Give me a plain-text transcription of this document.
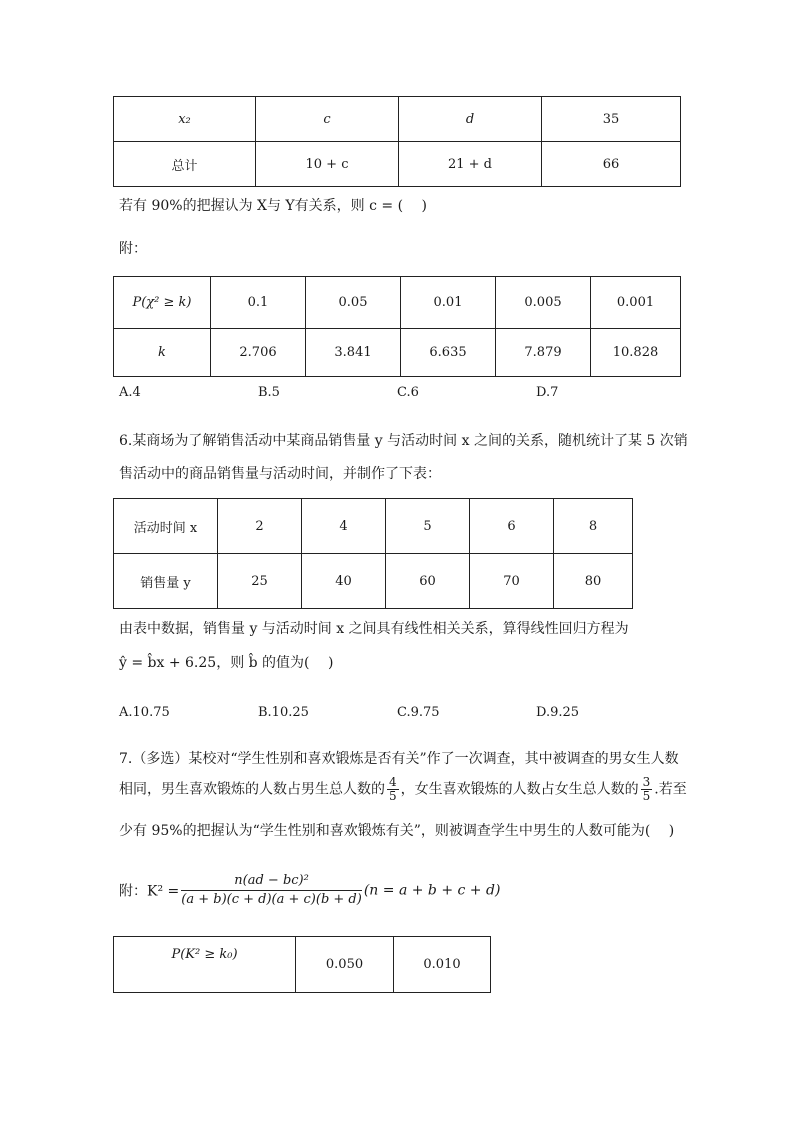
x₂	c	d	35
总计	10 + c	21 + d	66
若有 90%的把握认为 X与 Y有关系，则 c = (　 )
附：
P(χ² ≥ k)	0.1	0.05	0.01	0.005	0.001
k	2.706	3.841	6.635	7.879	10.828
A.4	B.5	C.6	D.7
6.某商场为了解销售活动中某商品销售量 y 与活动时间 x 之间的关系，随机统计了某 5 次销
售活动中的商品销售量与活动时间，并制作了下表：
活动时间 x	2	4	5	6	8
销售量 y	25	40	60	70	80
由表中数据，销售量 y 与活动时间 x 之间具有线性相关关系，算得线性回归方程为
ŷ = b̂x + 6.25，则 b̂ 的值为(　 )
A.10.75	B.10.25	C.9.75	D.9.25
7.（多选）某校对“学生性别和喜欢锻炼是否有关”作了一次调查，其中被调查的男女生人数
相同，男生喜欢锻炼的人数占男生总人数的 $\frac{4}{5}$ ，女生喜欢锻炼的人数占女生总人数的 $\frac{3}{5}$ .若至
少有 95%的把握认为“学生性别和喜欢锻炼有关”，则被调查学生中男生的人数可能为(　 )
附：$K^2 = \frac{\text{n(ad − bc)²}}{(a + b)(c + d)(a + c)(b + d)} (n = a + b + c + d)$
P(K² ≥ k₀)	0.050	0.010
